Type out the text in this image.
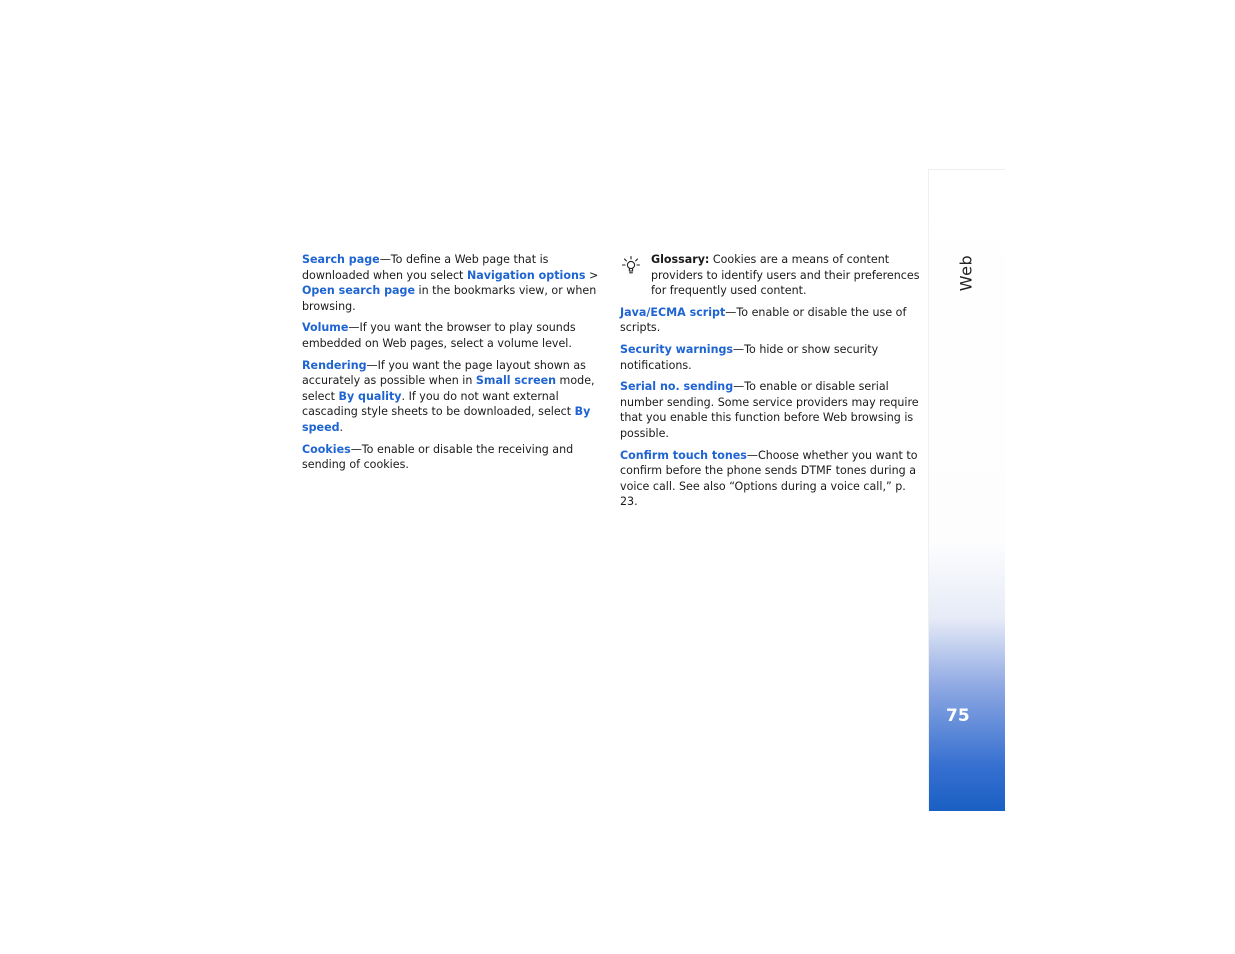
Search page—To define a Web page that is downloaded when you select Navigation options > Open search page in the bookmarks view, or when browsing.

Volume—If you want the browser to play sounds embedded on Web pages, select a volume level.

Rendering—If you want the page layout shown as accurately as possible when in Small screen mode, select By quality. If you do not want external cascading style sheets to be downloaded, select By speed.

Cookies—To enable or disable the receiving and sending of cookies.

Glossary: Cookies are a means of content providers to identify users and their preferences for frequently used content.

Java/ECMA script—To enable or disable the use of scripts.

Security warnings—To hide or show security notifications.

Serial no. sending—To enable or disable serial number sending. Some service providers may require that you enable this function before Web browsing is possible.

Confirm touch tones—Choose whether you want to confirm before the phone sends DTMF tones during a voice call. See also “Options during a voice call,” p. 23.

Web
75
